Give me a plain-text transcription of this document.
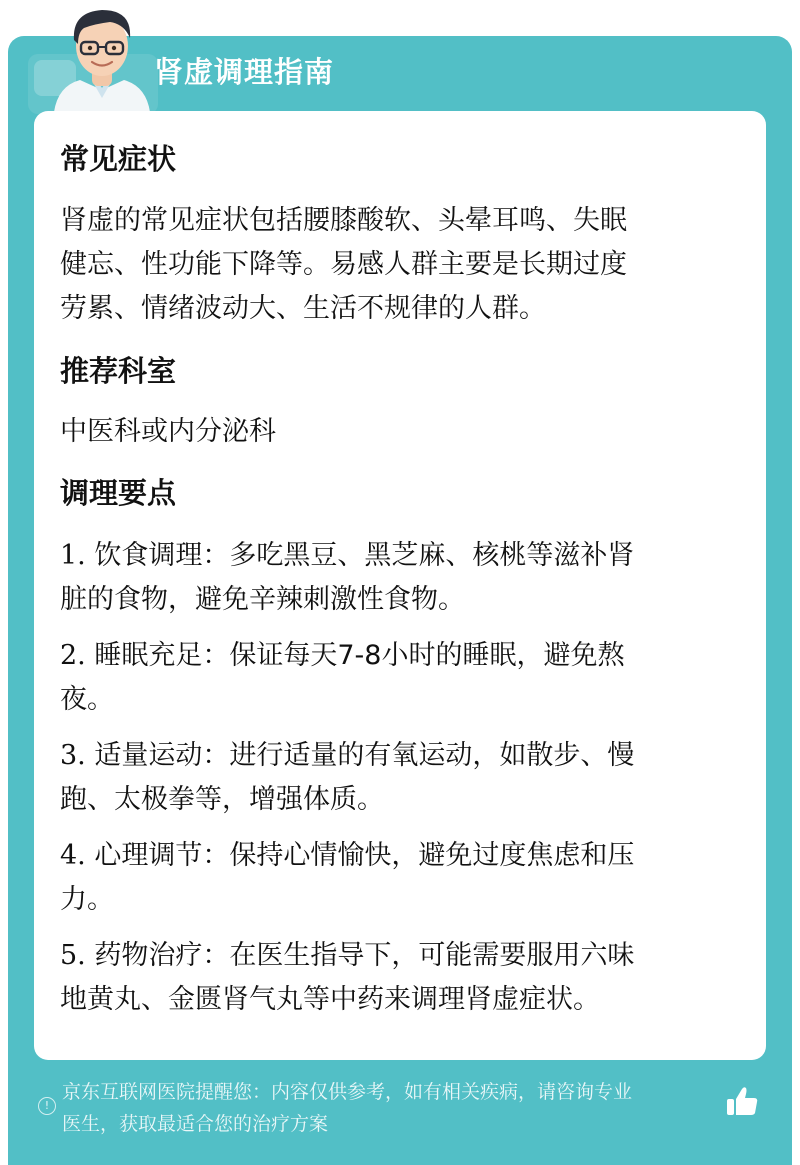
肾虚调理指南
常见症状
肾虚的常见症状包括腰膝酸软、头晕耳鸣、失眠
健忘、性功能下降等。易感人群主要是长期过度
劳累、情绪波动大、生活不规律的人群。
推荐科室
中医科或内分泌科
调理要点
1. 饮食调理：多吃黑豆、黑芝麻、核桃等滋补肾
脏的食物，避免辛辣刺激性食物。
2. 睡眠充足：保证每天7-8小时的睡眠，避免熬
夜。
3. 适量运动：进行适量的有氧运动，如散步、慢
跑、太极拳等，增强体质。
4. 心理调节：保持心情愉快，避免过度焦虑和压
力。
5. 药物治疗：在医生指导下，可能需要服用六味
地黄丸、金匮肾气丸等中药来调理肾虚症状。
!
京东互联网医院提醒您：内容仅供参考，如有相关疾病，请咨询专业
医生，获取最适合您的治疗方案
